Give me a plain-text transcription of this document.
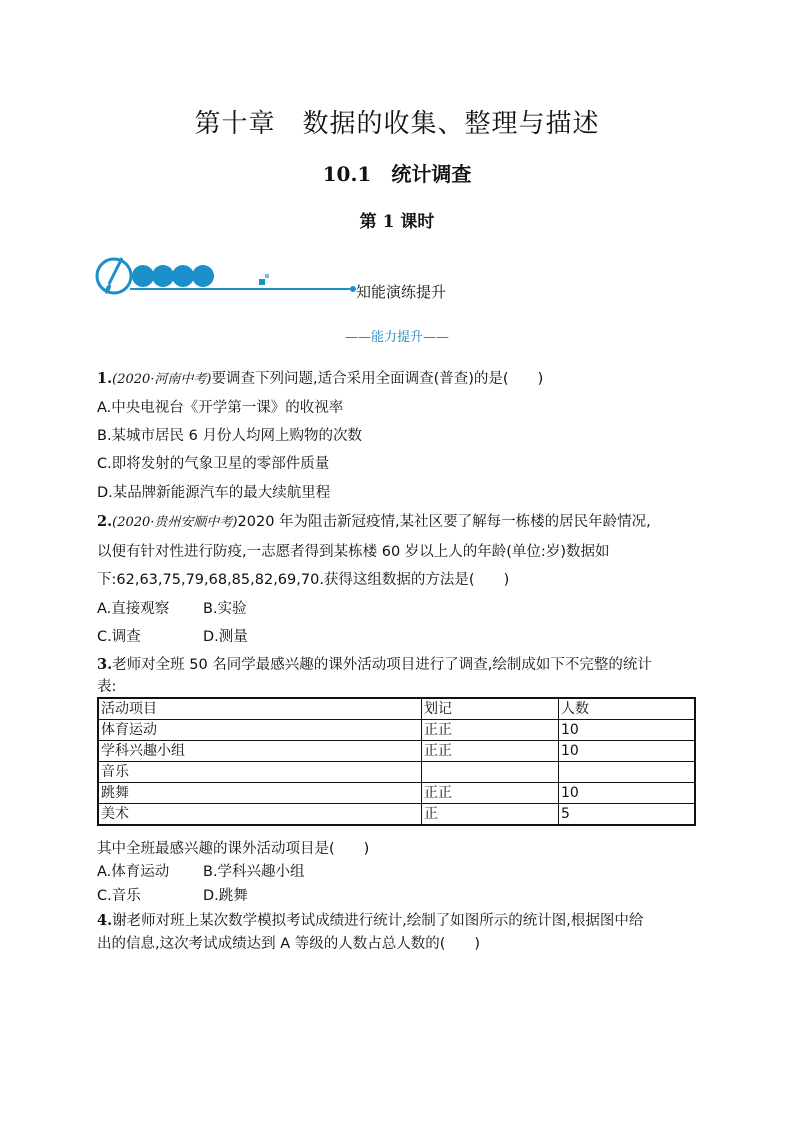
第十章　数据的收集、整理与描述
10.1　统计调查
第 1 课时
知能演练提升
——能力提升——
1.(2020·河南中考)要调查下列问题,适合采用全面调查(普查)的是(　　)
A.中央电视台《开学第一课》的收视率
B.某城市居民 6 月份人均网上购物的次数
C.即将发射的气象卫星的零部件质量
D.某品牌新能源汽车的最大续航里程
2.(2020·贵州安顺中考)2020 年为阻击新冠疫情,某社区要了解每一栋楼的居民年龄情况,
以便有针对性进行防疫,一志愿者得到某栋楼 60 岁以上人的年龄(单位:岁)数据如
下:62,63,75,79,68,85,82,69,70.获得这组数据的方法是(　　)
A.直接观察 B.实验
C.调查	D.测量
3.老师对全班 50 名同学最感兴趣的课外活动项目进行了调查,绘制成如下不完整的统计
表:
活动项目	划记	人数
体育运动	正正	10
学科兴趣小组	正正	10
音乐		
跳舞	正正	10
美术	正	5
其中全班最感兴趣的课外活动项目是(　　)
A.体育运动 B.学科兴趣小组
C.音乐	D.跳舞
4.谢老师对班上某次数学模拟考试成绩进行统计,绘制了如图所示的统计图,根据图中给
出的信息,这次考试成绩达到 A 等级的人数占总人数的(　　)
